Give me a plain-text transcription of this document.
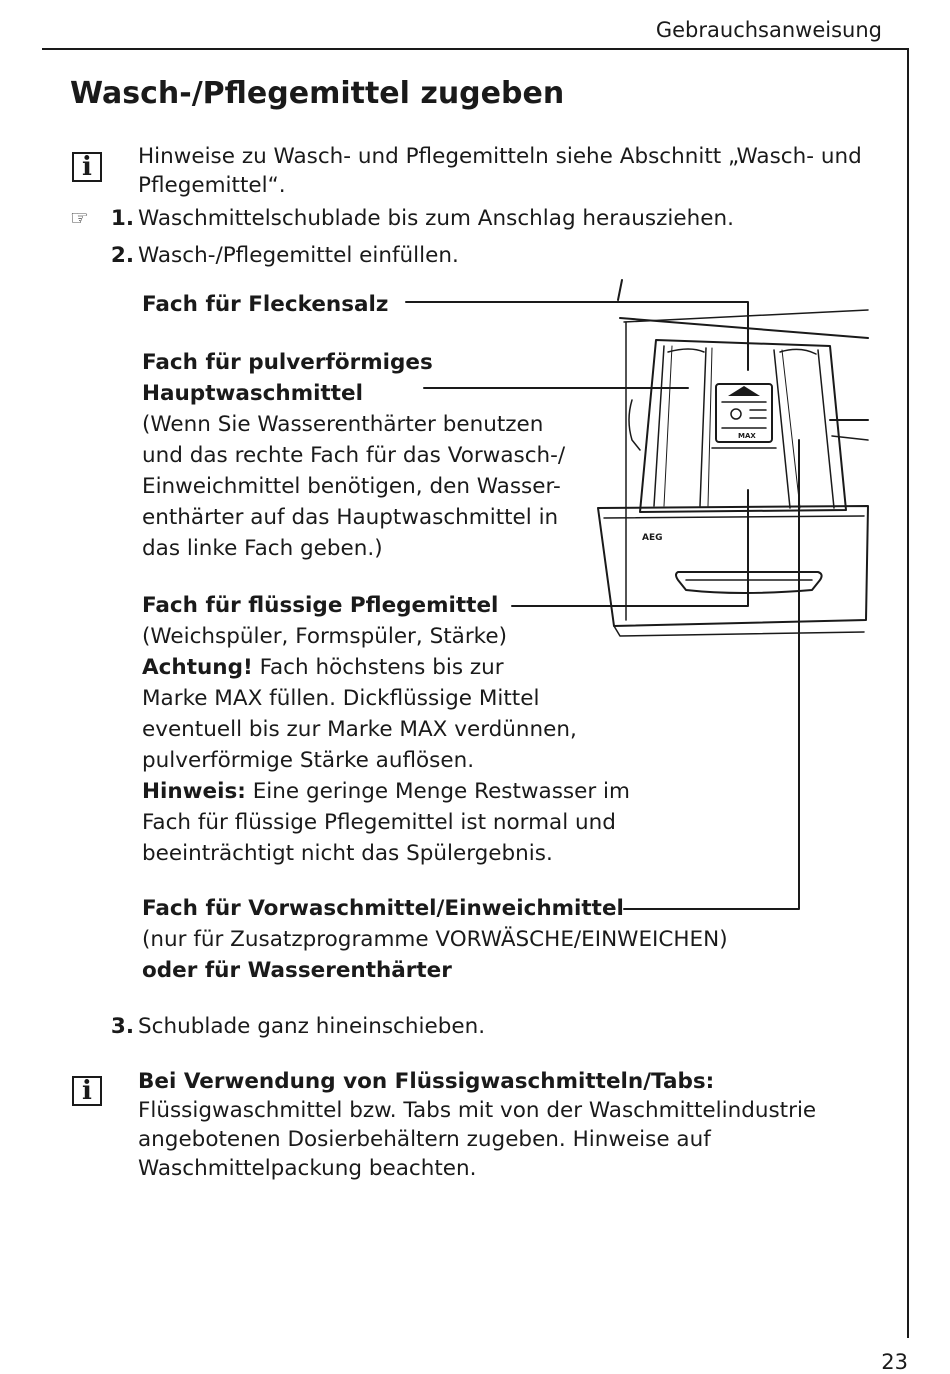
Gebrauchsanweisung
Wasch-/Pflegemittel zugeben
i	Hinweise zu Wasch- und Pflegemitteln siehe Abschnitt „Wasch- und Pflegemittel“.
☞ 1. Waschmittelschublade bis zum Anschlag herausziehen.
2. Wasch-/Pflegemittel einfüllen.
Fach für Fleckensalz
Fach für pulverförmiges
Hauptwaschmittel
(Wenn Sie Wasserenthärter benutzen
und das rechte Fach für das Vorwasch-/
Einweichmittel benötigen, den Wasser-
enthärter auf das Hauptwaschmittel in
das linke Fach geben.)
Fach für flüssige Pflegemittel
(Weichspüler, Formspüler, Stärke)
Achtung! Fach höchstens bis zur
Marke MAX füllen. Dickflüssige Mittel
eventuell bis zur Marke MAX verdünnen,
pulverförmige Stärke auflösen.
Hinweis: Eine geringe Menge Restwasser im
Fach für flüssige Pflegemittel ist normal und
beeinträchtigt nicht das Spülergebnis.
Fach für Vorwaschmittel/Einweichmittel
(nur für Zusatzprogramme VORWÄSCHE/EINWEICHEN)
oder für Wasserenthärter
MAX
AEG
3. Schublade ganz hineinschieben.
i	Bei Verwendung von Flüssigwaschmitteln/Tabs:
Flüssigwaschmittel bzw. Tabs mit von der Waschmittelindustrie angebotenen Dosierbehältern zugeben. Hinweise auf Waschmittelpackung beachten.
23
